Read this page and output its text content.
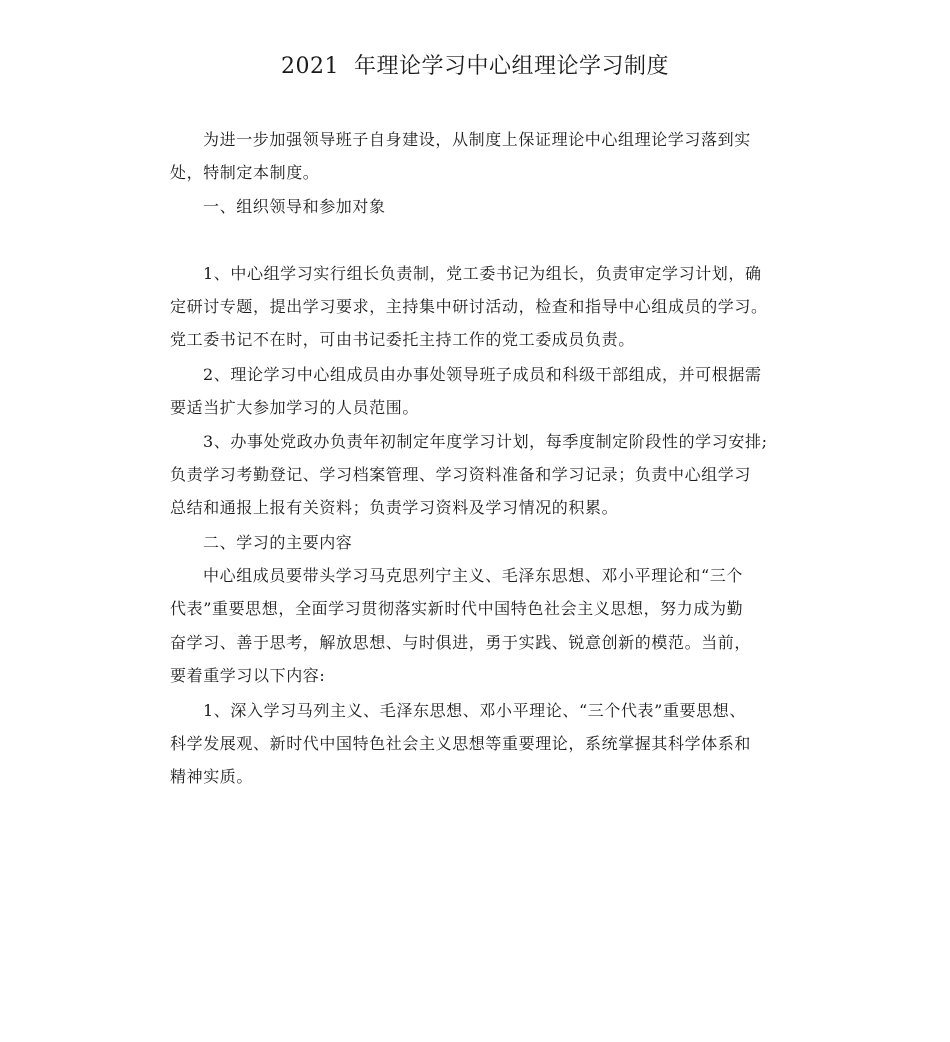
2021  年理论学习中心组理论学习制度
为进一步加强领导班子自身建设，从制度上保证理论中心组理论学习落到实
处，特制定本制度。
一、组织领导和参加对象
1、中心组学习实行组长负责制，党工委书记为组长，负责审定学习计划，确
定研讨专题，提出学习要求，主持集中研讨活动，检查和指导中心组成员的学习。
党工委书记不在时，可由书记委托主持工作的党工委成员负责。
2、理论学习中心组成员由办事处领导班子成员和科级干部组成，并可根据需
要适当扩大参加学习的人员范围。
3、办事处党政办负责年初制定年度学习计划，每季度制定阶段性的学习安排;
负责学习考勤登记、学习档案管理、学习资料准备和学习记录；负责中心组学习
总结和通报上报有关资料；负责学习资料及学习情况的积累。
二、学习的主要内容
中心组成员要带头学习马克思列宁主义、毛泽东思想、邓小平理论和“三个
代表”重要思想，全面学习贯彻落实新时代中国特色社会主义思想，努力成为勤
奋学习、善于思考，解放思想、与时俱进，勇于实践、锐意创新的模范。当前，
要着重学习以下内容:
1、深入学习马列主义、毛泽东思想、邓小平理论、“三个代表”重要思想、
科学发展观、新时代中国特色社会主义思想等重要理论，系统掌握其科学体系和
精神实质。
